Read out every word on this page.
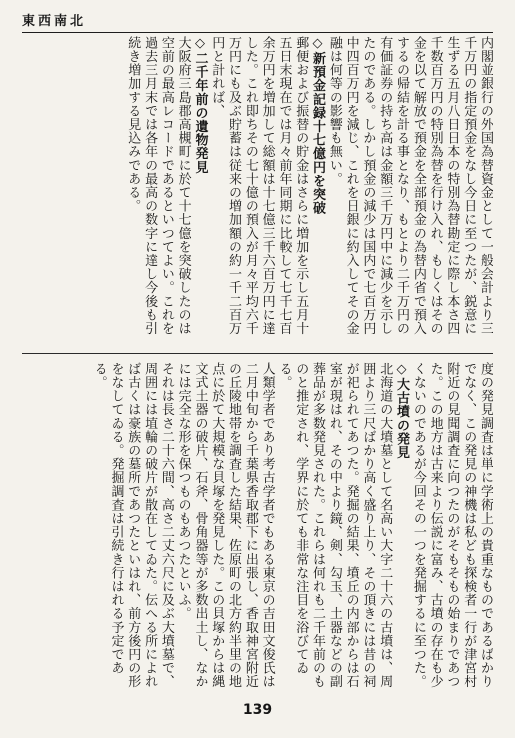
東西南北

内閣並銀行の外国為替資金として一般会計より三千万円の指定預金をなし今日に至つたが、鋭意に生ずる五月八日日本の特別為替勘定に際し本さ四千数百万円の特別為替を行け入れ、もしくはその金を以て解放で預金を全部預金の為替内省で預入するの帰結を計る事となり、もとより二千万円の有価証券の持ち高は金額三千万円中に減少を示したのである。しかし預金の減少は国内で七百万円中四百万円を減じ、これを日銀に約入してその金融は何等の影響も無い。

◇新預金記録十七億円を突破

郵便および振替の貯金はさらに増加を示し五月十五日末現在では月々前年同期に比較して七千七百余万円を増加して総額は十七億三千六百万円に達した。これ即ちその七十億の預入が月々平均六千万円にも及ぶ貯蓄は従来の増加額の約一千二百万円と計れば、

◇二千年前の遺物発見

大阪府三島郡高槻町に於て十七億を突破したのは空前の最高レコードであるといつてよい。これを過去三月末では各年の最高の数字に達し今後も引続き増加する見込みである。

度の発見調査は単に学術上の貴重なものであるばかりでなく、この発見の神機は私ども探検者一行が津宮村附近の見聞調査に向つたのがそもそもの始まりであつた。この地方は古来より伝説に富み、古墳の存在も少くないのであるが今回その一つを発掘するに至つた。

◇大古墳の発見

北海道の大墳墓として名高い大字二十六の古墳は、周囲より三尺ばかり高く盛り上り、その頂きには昔の祠が祀られてあつた。発掘の結果、墳丘の内部からは石室が現はれ、その中より鏡、剣、勾玉、土器などの副葬品が多数発見された。これらは何れも二千年前のものと推定され、学界に於ても非常な注目を浴びてゐる。

人類学者であり考古学者でもある東京の吉田文俊氏は二月中旬から千葉県香取郡下に出張し、香取神宮附近の丘陵地帯を調査した結果、佐原町の北方約半里の地点に於て大規模な貝塚を発見した。この貝塚からは縄文式土器の破片、石斧、骨角器等が多数出土し、なかには完全な形を保つものもあつたといふ。

それは長さ二十六間、高さ二丈六尺に及ぶ大墳墓で、周囲には埴輪の破片が散在してゐた。伝へる所によれば古くは豪族の墓所であつたといはれ、前方後円の形をなしてゐる。発掘調査は引続き行はれる予定である。

139
